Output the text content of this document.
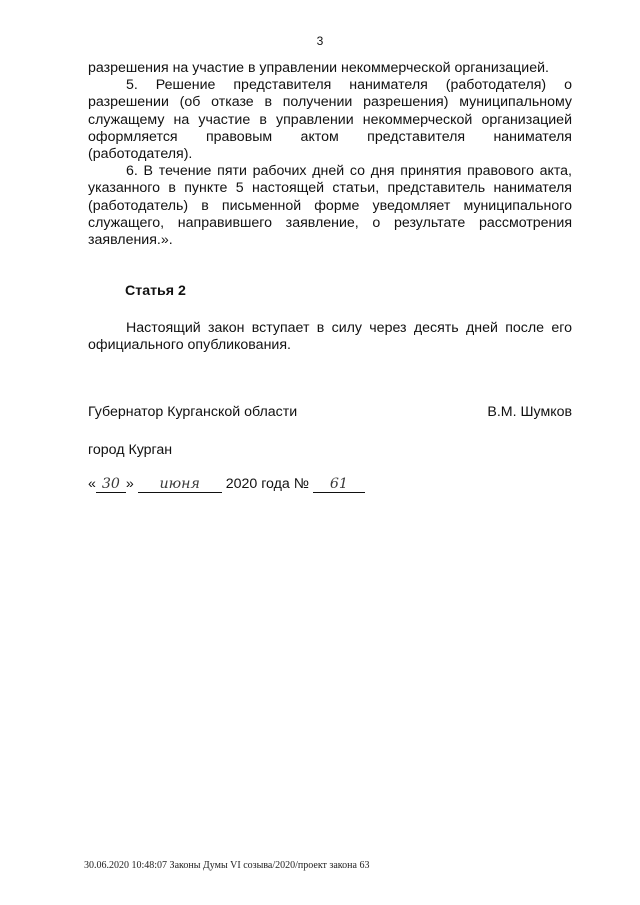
3

разрешения на участие в управлении некоммерческой организацией.

5. Решение представителя нанимателя (работодателя) о разрешении (об отказе в получении разрешения) муниципальному служащему на участие в управлении некоммерческой организацией оформляется правовым актом представителя нанимателя (работодателя).

6. В течение пяти рабочих дней со дня принятия правового акта, указанного в пункте 5 настоящей статьи, представитель нанимателя (работодатель) в письменной форме уведомляет муниципального служащего, направившего заявление, о результате рассмотрения заявления.».

Статья 2

Настоящий закон вступает в силу через десять дней после его официального опубликования.

Губернатор Курганской области	В.М. Шумков
город Курган
« 30 » июня 2020 года № 61
30.06.2020 10:48:07 Законы Думы VI созыва/2020/проект закона 63
